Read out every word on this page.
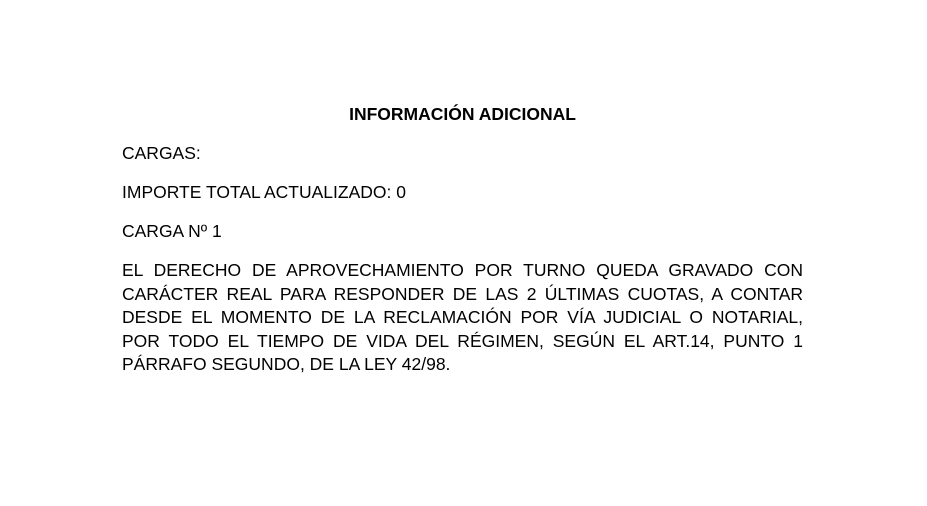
INFORMACIÓN ADICIONAL
CARGAS:
IMPORTE TOTAL ACTUALIZADO: 0
CARGA Nº 1

EL DERECHO DE APROVECHAMIENTO POR TURNO QUEDA GRAVADO CON CARÁCTER REAL PARA RESPONDER DE LAS 2 ÚLTIMAS CUOTAS, A CONTAR DESDE EL MOMENTO DE LA RECLAMACIÓN POR VÍA JUDICIAL O NOTARIAL, POR TODO EL TIEMPO DE VIDA DEL RÉGIMEN, SEGÚN EL ART.14, PUNTO 1 PÁRRAFO SEGUNDO, DE LA LEY 42/98.
